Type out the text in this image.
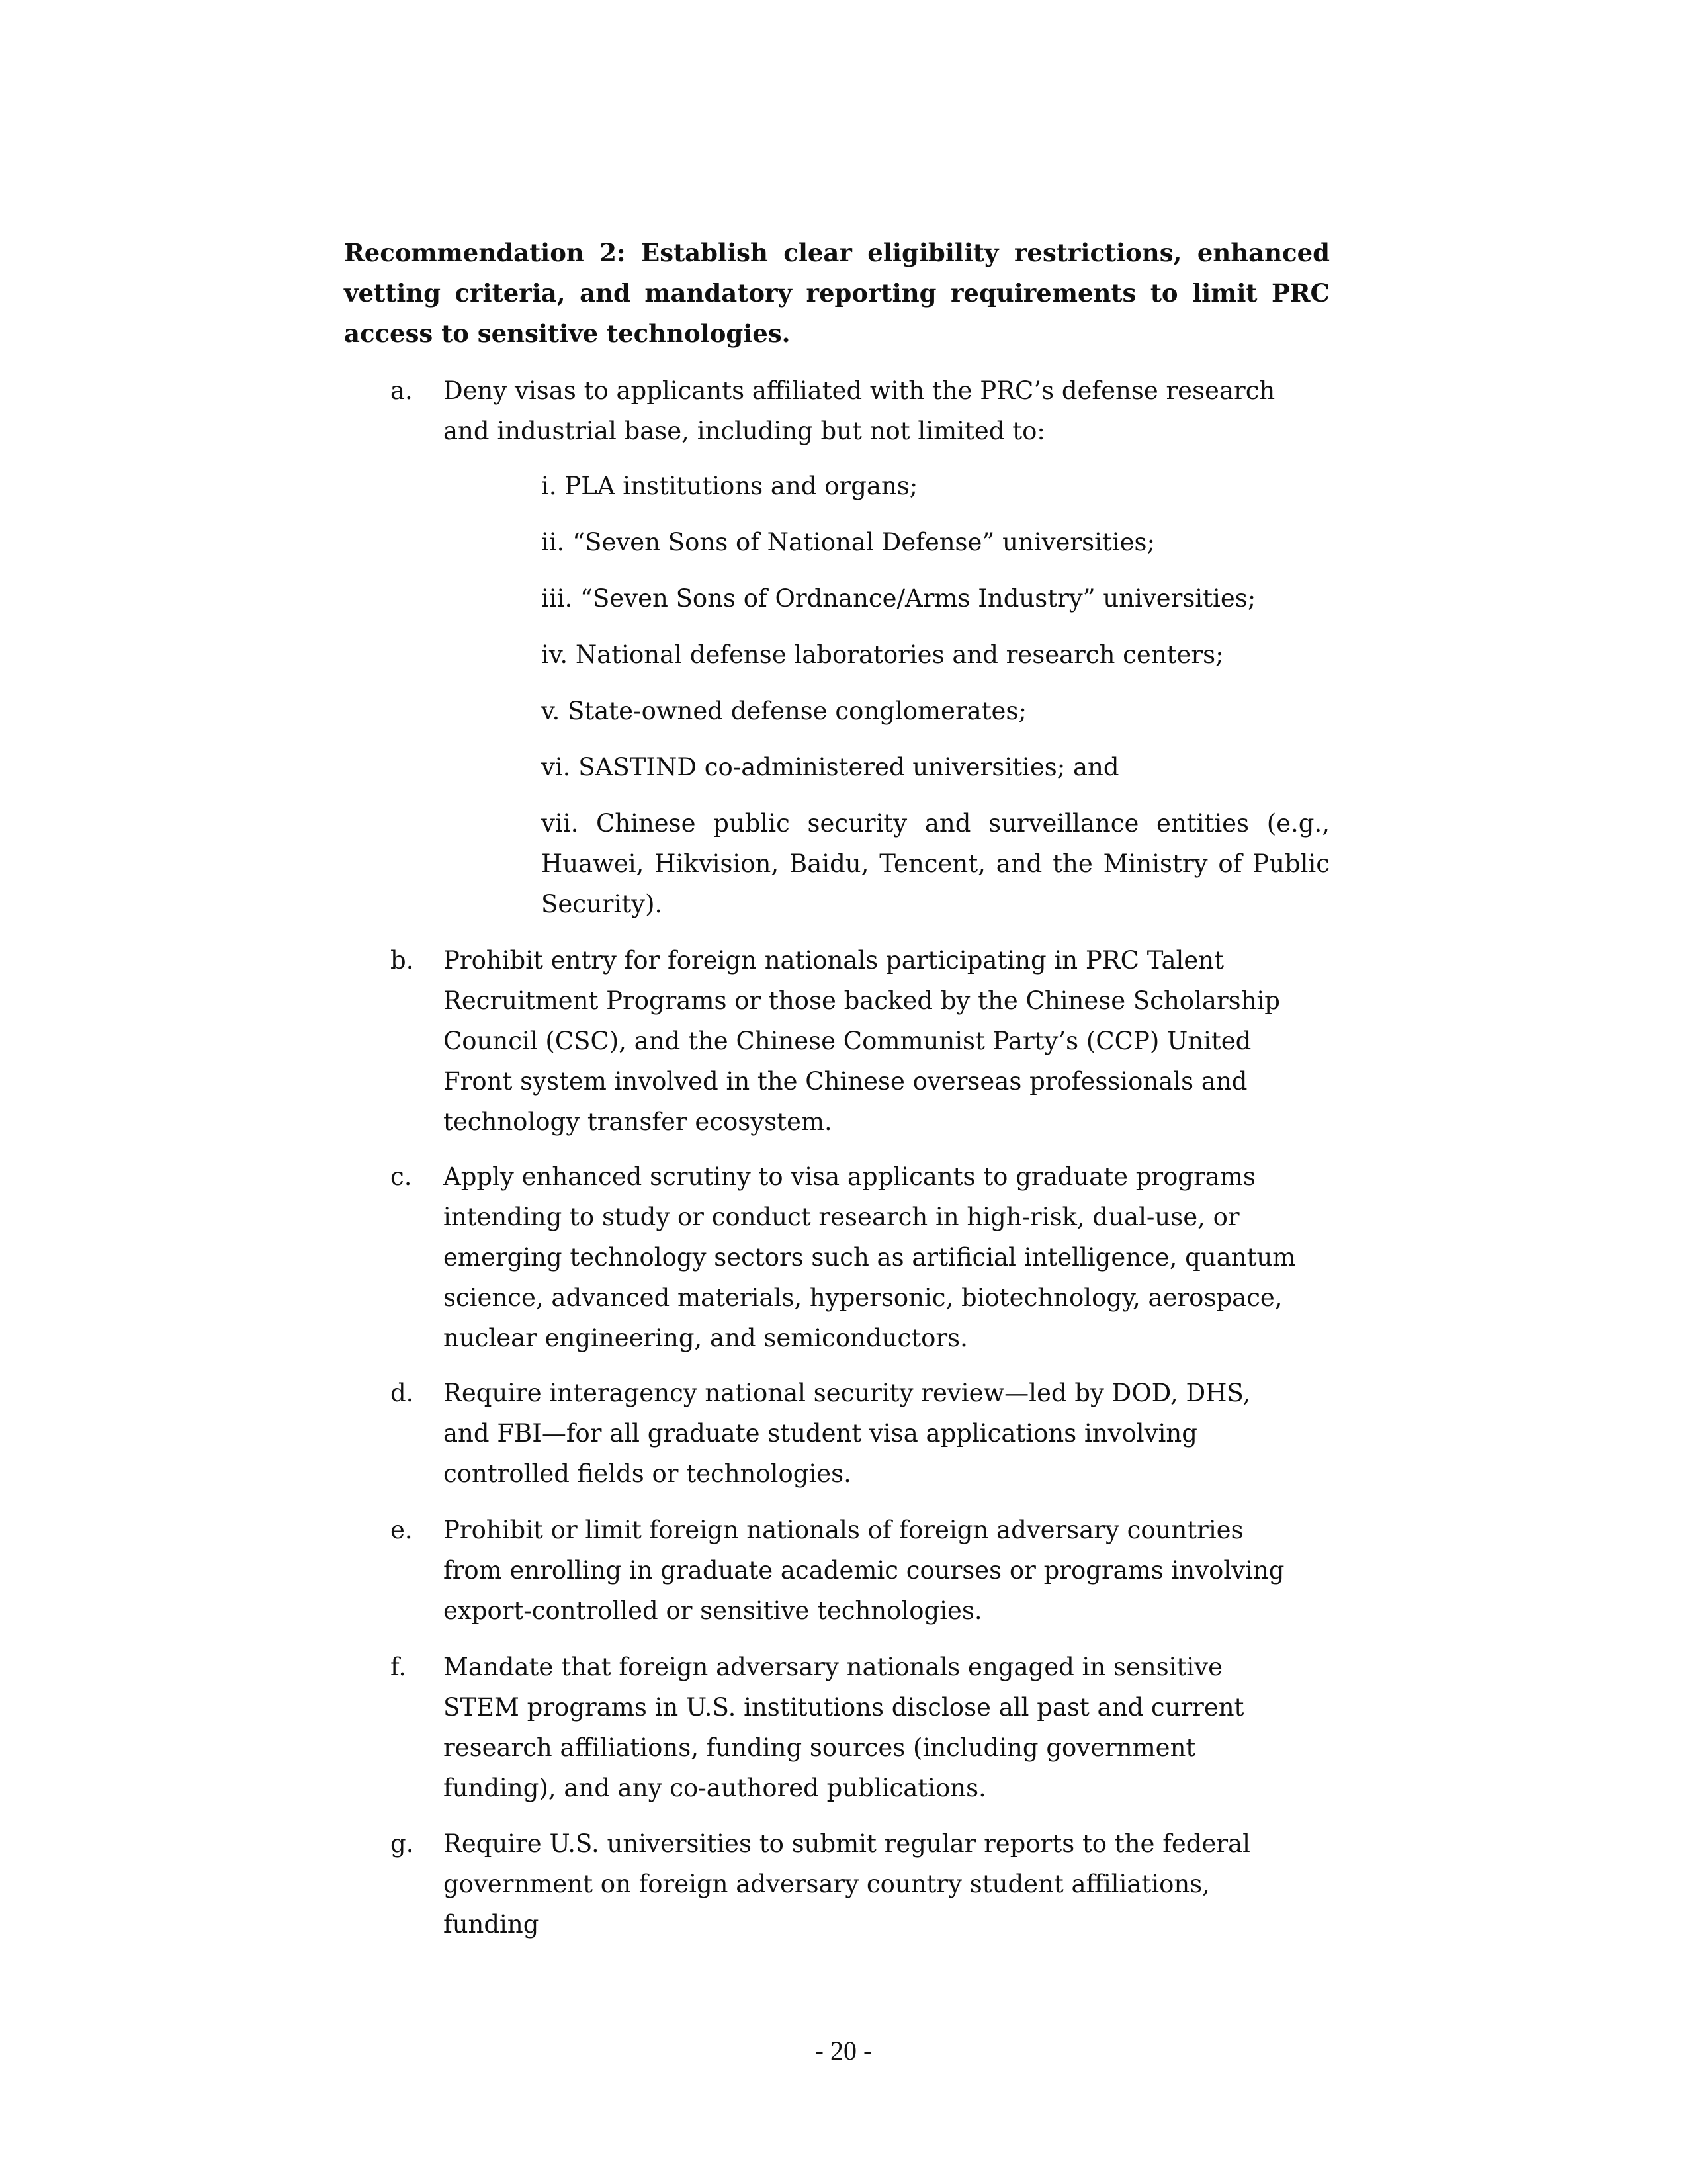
Recommendation 2: Establish clear eligibility restrictions, enhanced vetting criteria, and mandatory reporting requirements to limit PRC access to sensitive technologies.

a.	Deny visas to applicants affiliated with the PRC’s defense research and industrial base, including but not limited to:
i. PLA institutions and organs;
ii. “Seven Sons of National Defense” universities;
iii. “Seven Sons of Ordnance/Arms Industry” universities;
iv. National defense laboratories and research centers;
v. State-owned defense conglomerates;
vi. SASTIND co-administered universities; and
vii. Chinese public security and surveillance entities (e.g., Huawei, Hikvision, Baidu, Tencent, and the Ministry of Public Security).
b.	Prohibit entry for foreign nationals participating in PRC Talent Recruitment Programs or those backed by the Chinese Scholarship Council (CSC), and the Chinese Communist Party’s (CCP) United Front system involved in the Chinese overseas professionals and technology transfer ecosystem.
c.	Apply enhanced scrutiny to visa applicants to graduate programs intending to study or conduct research in high-risk, dual-use, or emerging technology sectors such as artificial intelligence, quantum science, advanced materials, hypersonic, biotechnology, aerospace, nuclear engineering, and semiconductors.
d.	Require interagency national security review—led by DOD, DHS, and FBI—for all graduate student visa applications involving controlled fields or technologies.
e.	Prohibit or limit foreign nationals of foreign adversary countries from enrolling in graduate academic courses or programs involving export-controlled or sensitive technologies.
f.	Mandate that foreign adversary nationals engaged in sensitive STEM programs in U.S. institutions disclose all past and current research affiliations, funding sources (including government funding), and any co-authored publications.
g.	Require U.S. universities to submit regular reports to the federal government on foreign adversary country student affiliations, funding
- 20 -
